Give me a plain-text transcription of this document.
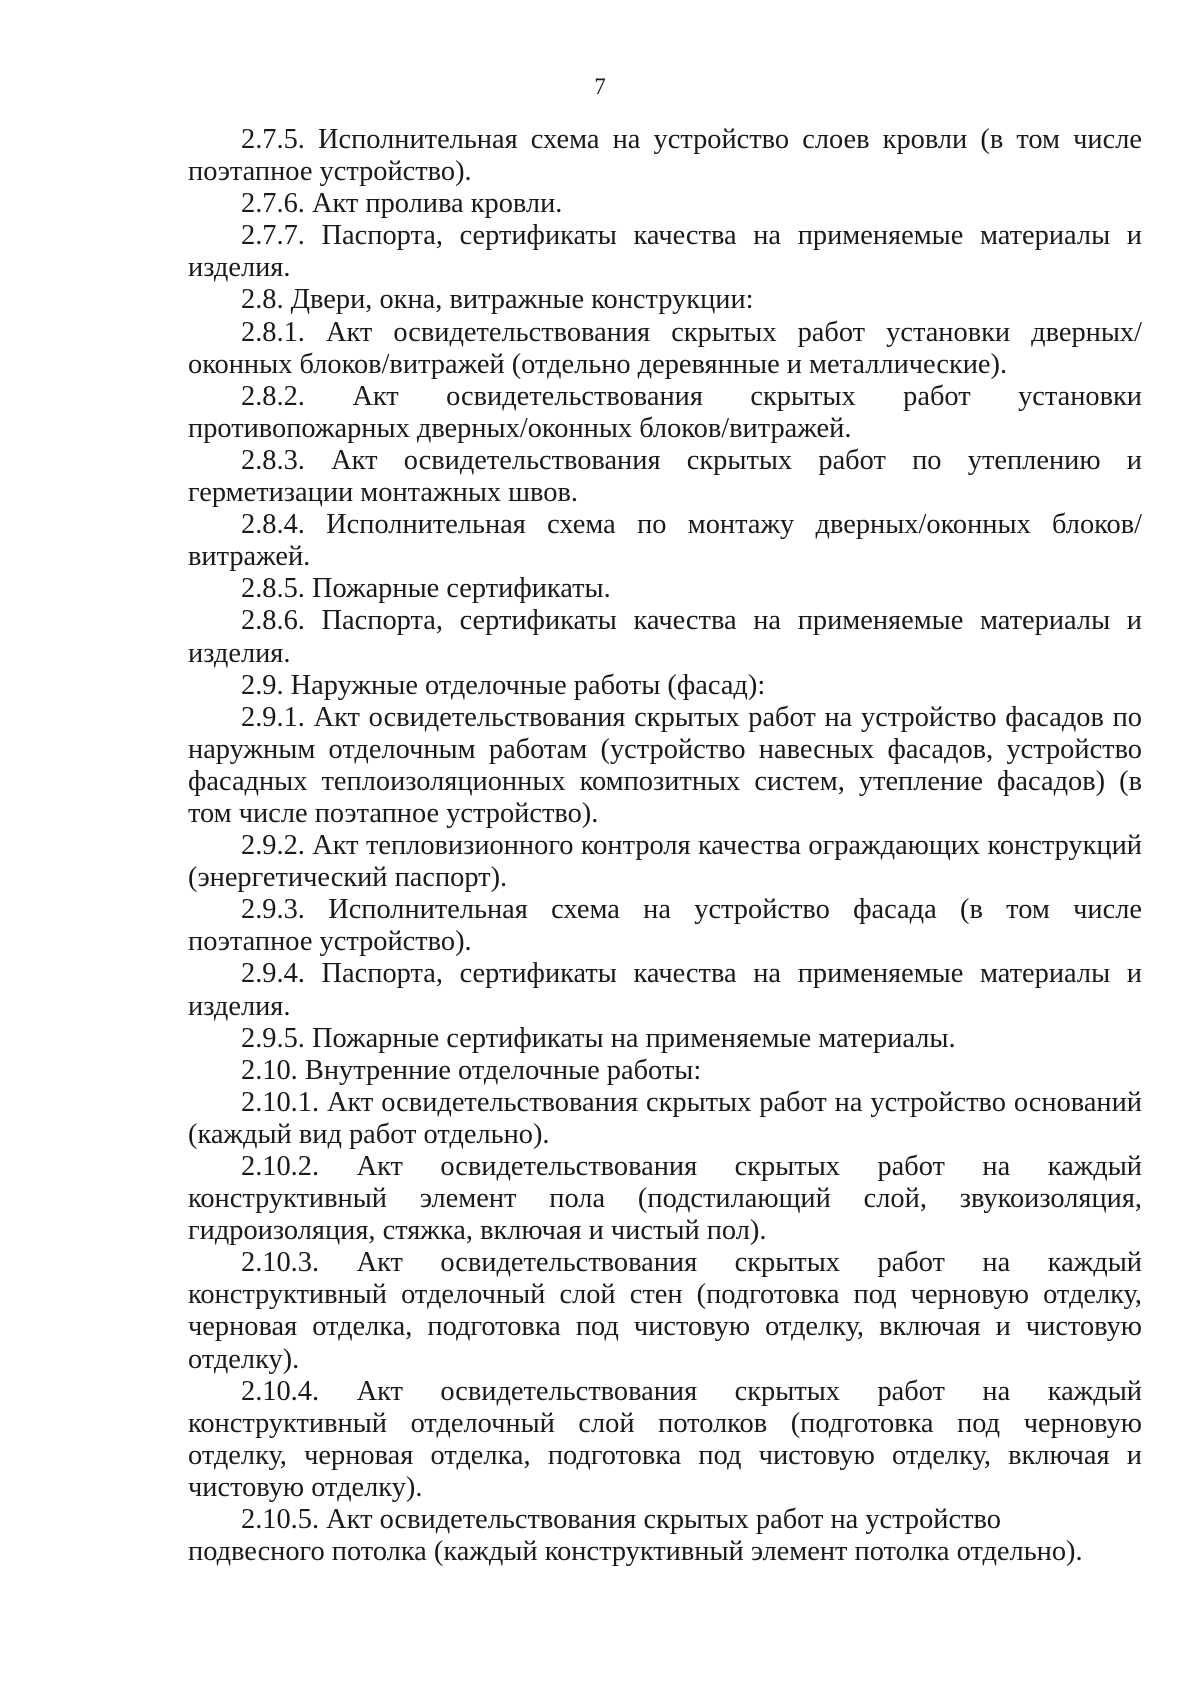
7

2.7.5. Исполнительная схема на устройство слоев кровли (в том числе поэтапное устройство).

2.7.6. Акт пролива кровли.

2.7.7. Паспорта, сертификаты качества на применяемые материалы и изделия.

2.8. Двери, окна, витражные конструкции:

2.8.1. Акт освидетельствования скрытых работ установки дверных/оконных блоков/витражей (отдельно деревянные и металлические).

2.8.2. Акт освидетельствования скрытых работ установки противопожарных дверных/оконных блоков/витражей.

2.8.3. Акт освидетельствования скрытых работ по утеплению и герметизации монтажных швов.

2.8.4. Исполнительная схема по монтажу дверных/оконных блоков/витражей.

2.8.5. Пожарные сертификаты.

2.8.6. Паспорта, сертификаты качества на применяемые материалы и изделия.

2.9. Наружные отделочные работы (фасад):

2.9.1. Акт освидетельствования скрытых работ на устройство фасадов по наружным отделочным работам (устройство навесных фасадов, устройство фасадных теплоизоляционных композитных систем, утепление фасадов) (в том числе поэтапное устройство).

2.9.2. Акт тепловизионного контроля качества ограждающих конструкций (энергетический паспорт).

2.9.3. Исполнительная схема на устройство фасада (в том числе поэтапное устройство).

2.9.4. Паспорта, сертификаты качества на применяемые материалы и изделия.

2.9.5. Пожарные сертификаты на применяемые материалы.

2.10. Внутренние отделочные работы:

2.10.1. Акт освидетельствования скрытых работ на устройство оснований (каждый вид работ отдельно).

2.10.2. Акт освидетельствования скрытых работ на каждый конструктивный элемент пола (подстилающий слой, звукоизоляция, гидроизоляция, стяжка, включая и чистый пол).

2.10.3. Акт освидетельствования скрытых работ на каждый конструктивный отделочный слой стен (подготовка под черновую отделку, черновая отделка, подготовка под чистовую отделку, включая и чистовую отделку).

2.10.4. Акт освидетельствования скрытых работ на каждый конструктивный отделочный слой потолков (подготовка под черновую отделку, черновая отделка, подготовка под чистовую отделку, включая и чистовую отделку).

2.10.5. Акт освидетельствования скрытых работ на устройство подвесного потолка (каждый конструктивный элемент потолка отдельно).
